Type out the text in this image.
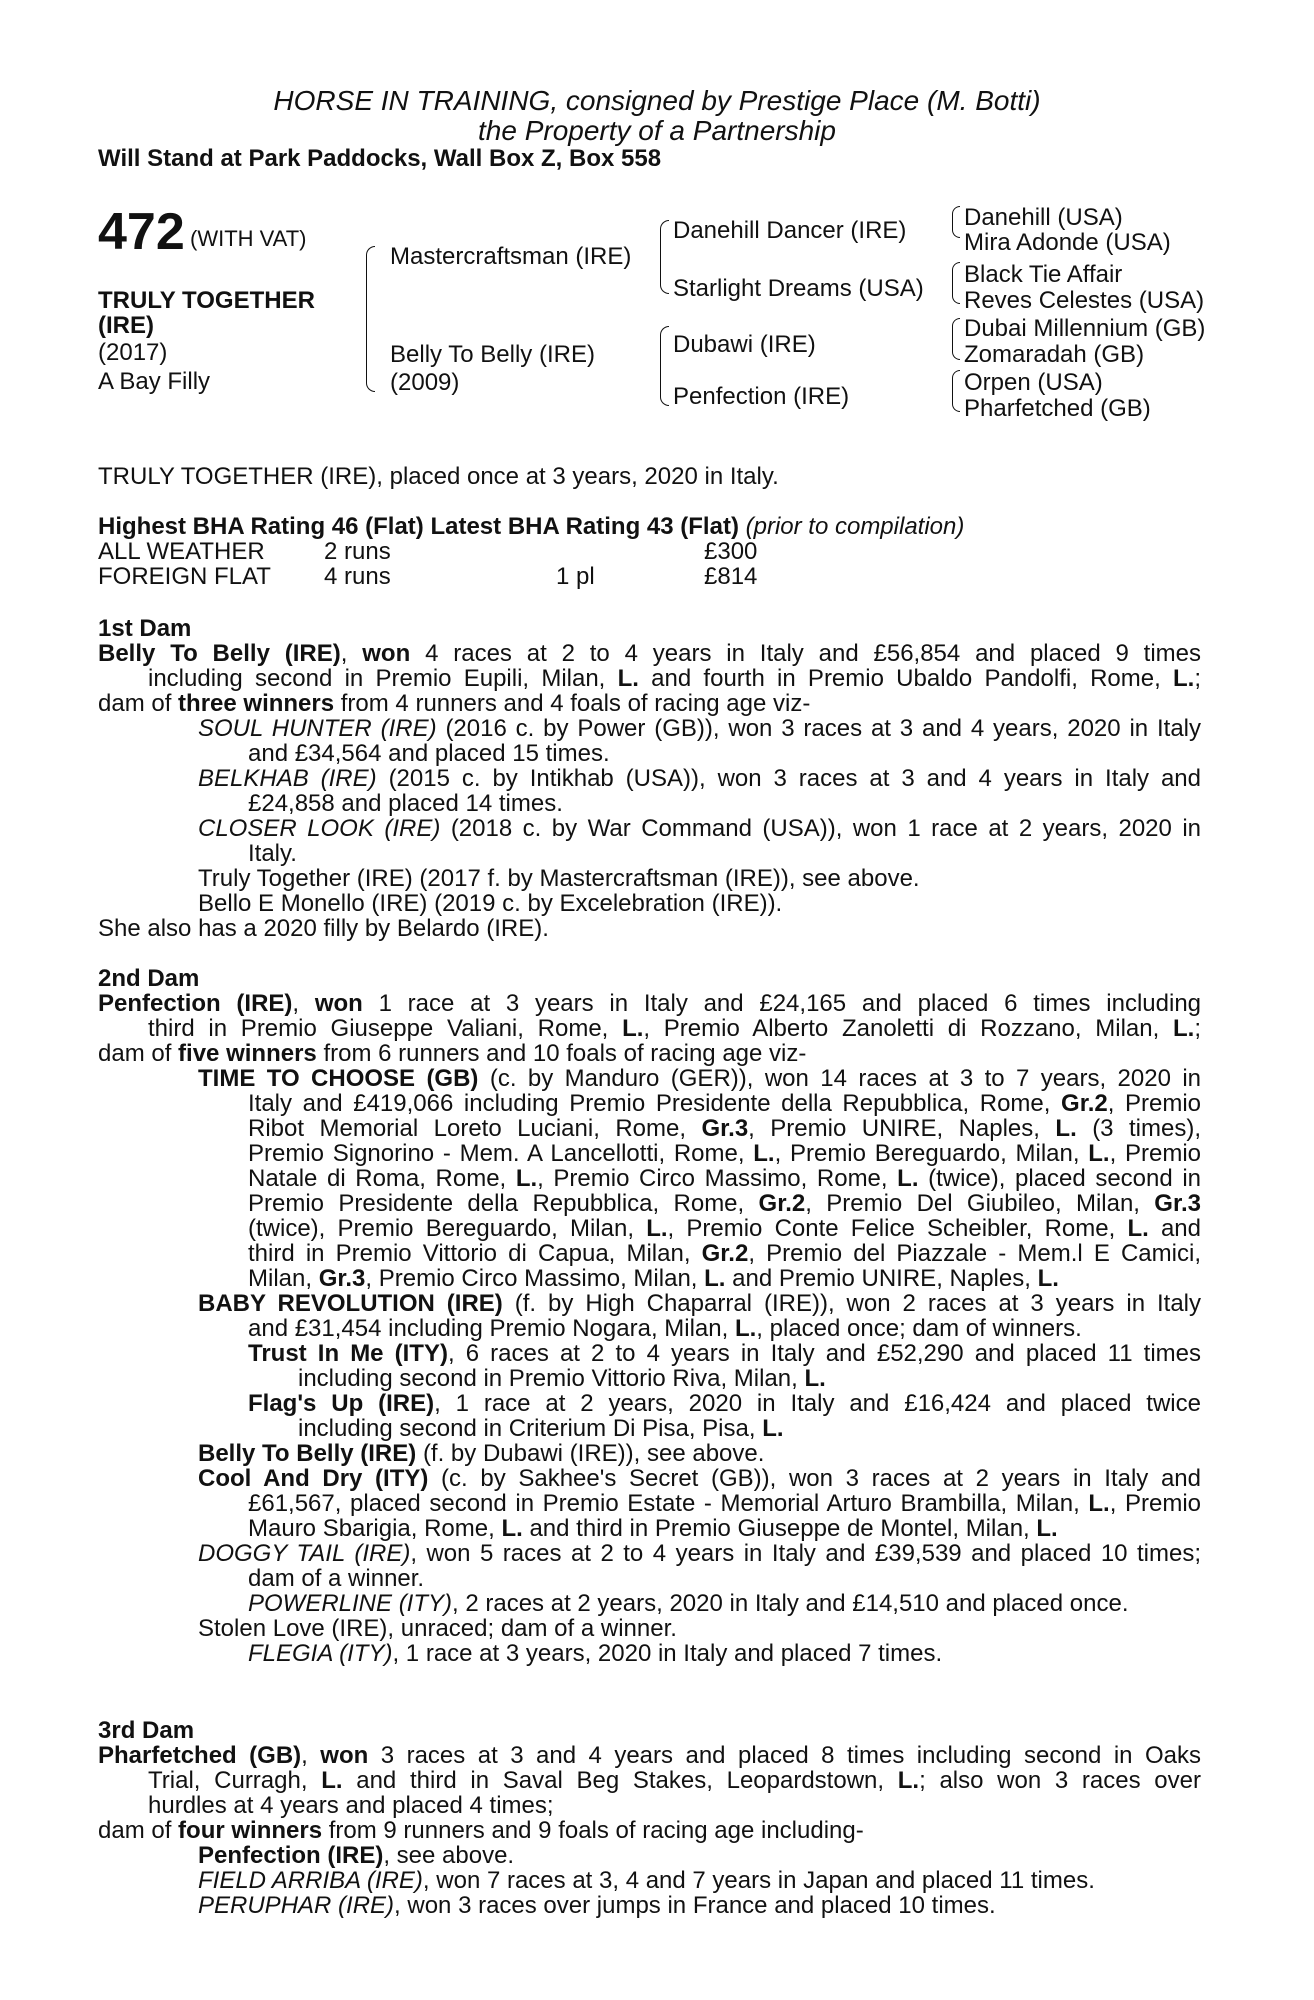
HORSE IN TRAINING, consigned by Prestige Place (M. Botti)
the Property of a Partnership
Will Stand at Park Paddocks, Wall Box Z, Box 558
472 (WITH VAT)
TRULY TOGETHER
(IRE)
(2017)
A Bay Filly
Mastercraftsman (IRE)
Belly To Belly (IRE)
(2009)
Danehill Dancer (IRE)
Starlight Dreams (USA)
Dubawi (IRE)
Penfection (IRE)
Danehill (USA)
Mira Adonde (USA)
Black Tie Affair
Reves Celestes (USA)
Dubai Millennium (GB)
Zomaradah (GB)
Orpen (USA)
Pharfetched (GB)
TRULY TOGETHER (IRE), placed once at 3 years, 2020 in Italy.
Highest BHA Rating 46 (Flat) Latest BHA Rating 43 (Flat) (prior to compilation)
ALL WEATHER 2 runs	£300
FOREIGN FLAT 4 runs	1 pl	£814
1st Dam
Belly To Belly (IRE), won 4 races at 2 to 4 years in Italy and £56,854 and placed 9 times
including second in Premio Eupili, Milan, L. and fourth in Premio Ubaldo Pandolfi, Rome, L.;
dam of three winners from 4 runners and 4 foals of racing age viz-
SOUL HUNTER (IRE) (2016 c. by Power (GB)), won 3 races at 3 and 4 years, 2020 in Italy
and £34,564 and placed 15 times.
BELKHAB (IRE) (2015 c. by Intikhab (USA)), won 3 races at 3 and 4 years in Italy and
£24,858 and placed 14 times.
CLOSER LOOK (IRE) (2018 c. by War Command (USA)), won 1 race at 2 years, 2020 in
Italy.
Truly Together (IRE) (2017 f. by Mastercraftsman (IRE)), see above.
Bello E Monello (IRE) (2019 c. by Excelebration (IRE)).
She also has a 2020 filly by Belardo (IRE).
2nd Dam
Penfection (IRE), won 1 race at 3 years in Italy and £24,165 and placed 6 times including
third in Premio Giuseppe Valiani, Rome, L., Premio Alberto Zanoletti di Rozzano, Milan, L.;
dam of five winners from 6 runners and 10 foals of racing age viz-
TIME TO CHOOSE (GB) (c. by Manduro (GER)), won 14 races at 3 to 7 years, 2020 in
Italy and £419,066 including Premio Presidente della Repubblica, Rome, Gr.2, Premio
Ribot Memorial Loreto Luciani, Rome, Gr.3, Premio UNIRE, Naples, L. (3 times),
Premio Signorino - Mem. A Lancellotti, Rome, L., Premio Bereguardo, Milan, L., Premio
Natale di Roma, Rome, L., Premio Circo Massimo, Rome, L. (twice), placed second in
Premio Presidente della Repubblica, Rome, Gr.2, Premio Del Giubileo, Milan, Gr.3
(twice), Premio Bereguardo, Milan, L., Premio Conte Felice Scheibler, Rome, L. and
third in Premio Vittorio di Capua, Milan, Gr.2, Premio del Piazzale - Mem.l E Camici,
Milan, Gr.3, Premio Circo Massimo, Milan, L. and Premio UNIRE, Naples, L.
BABY REVOLUTION (IRE) (f. by High Chaparral (IRE)), won 2 races at 3 years in Italy
and £31,454 including Premio Nogara, Milan, L., placed once; dam of winners.
Trust In Me (ITY), 6 races at 2 to 4 years in Italy and £52,290 and placed 11 times
including second in Premio Vittorio Riva, Milan, L.
Flag's Up (IRE), 1 race at 2 years, 2020 in Italy and £16,424 and placed twice
including second in Criterium Di Pisa, Pisa, L.
Belly To Belly (IRE) (f. by Dubawi (IRE)), see above.
Cool And Dry (ITY) (c. by Sakhee's Secret (GB)), won 3 races at 2 years in Italy and
£61,567, placed second in Premio Estate - Memorial Arturo Brambilla, Milan, L., Premio
Mauro Sbarigia, Rome, L. and third in Premio Giuseppe de Montel, Milan, L.
DOGGY TAIL (IRE), won 5 races at 2 to 4 years in Italy and £39,539 and placed 10 times;
dam of a winner.
POWERLINE (ITY), 2 races at 2 years, 2020 in Italy and £14,510 and placed once.
Stolen Love (IRE), unraced; dam of a winner.
FLEGIA (ITY), 1 race at 3 years, 2020 in Italy and placed 7 times.
3rd Dam
Pharfetched (GB), won 3 races at 3 and 4 years and placed 8 times including second in Oaks
Trial, Curragh, L. and third in Saval Beg Stakes, Leopardstown, L.; also won 3 races over
hurdles at 4 years and placed 4 times;
dam of four winners from 9 runners and 9 foals of racing age including-
Penfection (IRE), see above.
FIELD ARRIBA (IRE), won 7 races at 3, 4 and 7 years in Japan and placed 11 times.
PERUPHAR (IRE), won 3 races over jumps in France and placed 10 times.
